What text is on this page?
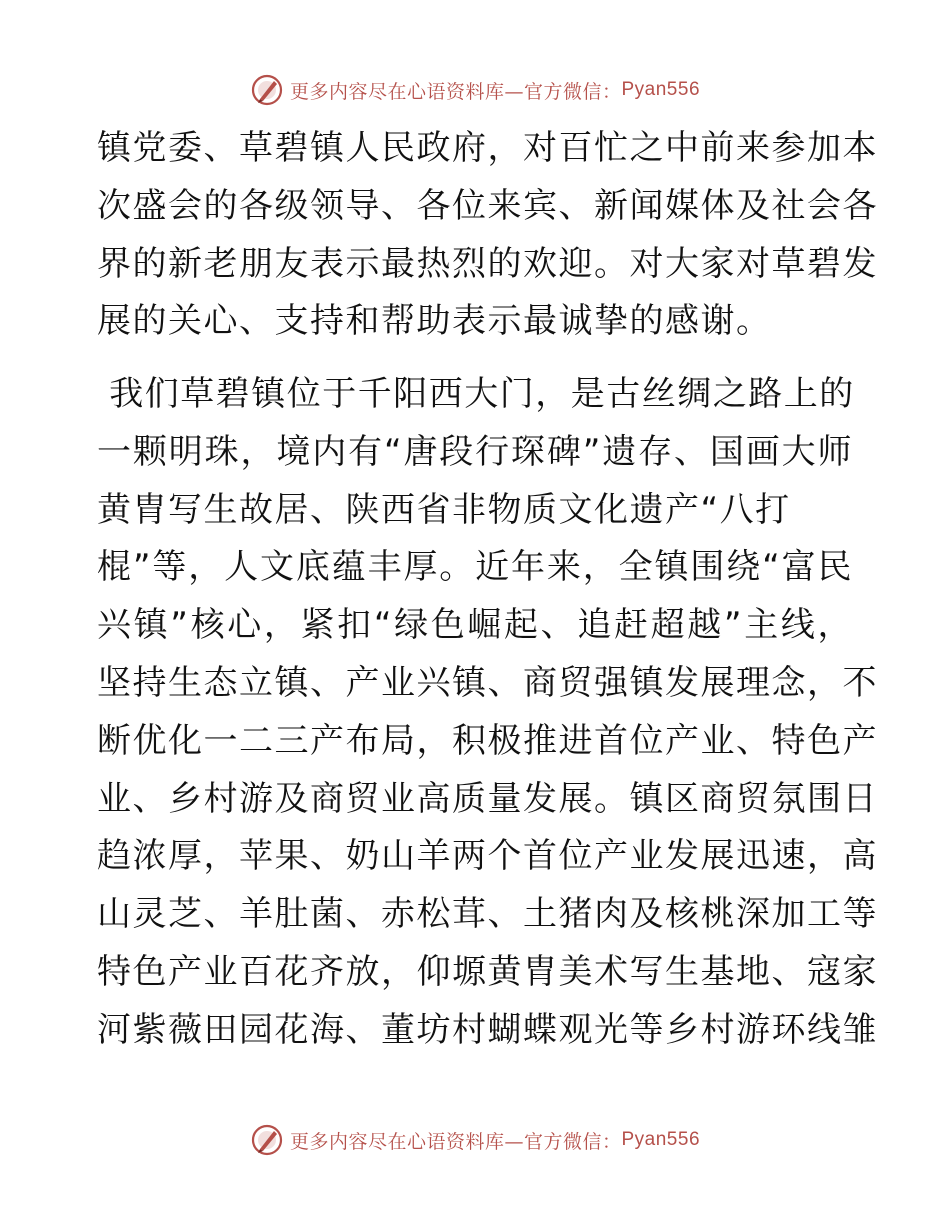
更多内容尽在心语资料库—官方微信： Pyan556
镇党委、草碧镇人民政府，对百忙之中前来参加本
次盛会的各级领导、各位来宾、新闻媒体及社会各
界的新老朋友表示最热烈的欢迎。对大家对草碧发
展的关心、支持和帮助表示最诚挚的感谢。
我们草碧镇位于千阳西大门，是古丝绸之路上的
一颗明珠，境内有“唐段行琛碑”遗存、国画大师
黄胄写生故居、陕西省非物质文化遗产“八打
棍”等，人文底蕴丰厚。近年来，全镇围绕“富民
兴镇”核心，紧扣“绿色崛起、追赶超越”主线，
坚持生态立镇、产业兴镇、商贸强镇发展理念，不
断优化一二三产布局，积极推进首位产业、特色产
业、乡村游及商贸业高质量发展。镇区商贸氛围日
趋浓厚，苹果、奶山羊两个首位产业发展迅速，高
山灵芝、羊肚菌、赤松茸、土猪肉及核桃深加工等
特色产业百花齐放，仰塬黄胄美术写生基地、寇家
河紫薇田园花海、董坊村蝴蝶观光等乡村游环线雏
更多内容尽在心语资料库—官方微信： Pyan556
